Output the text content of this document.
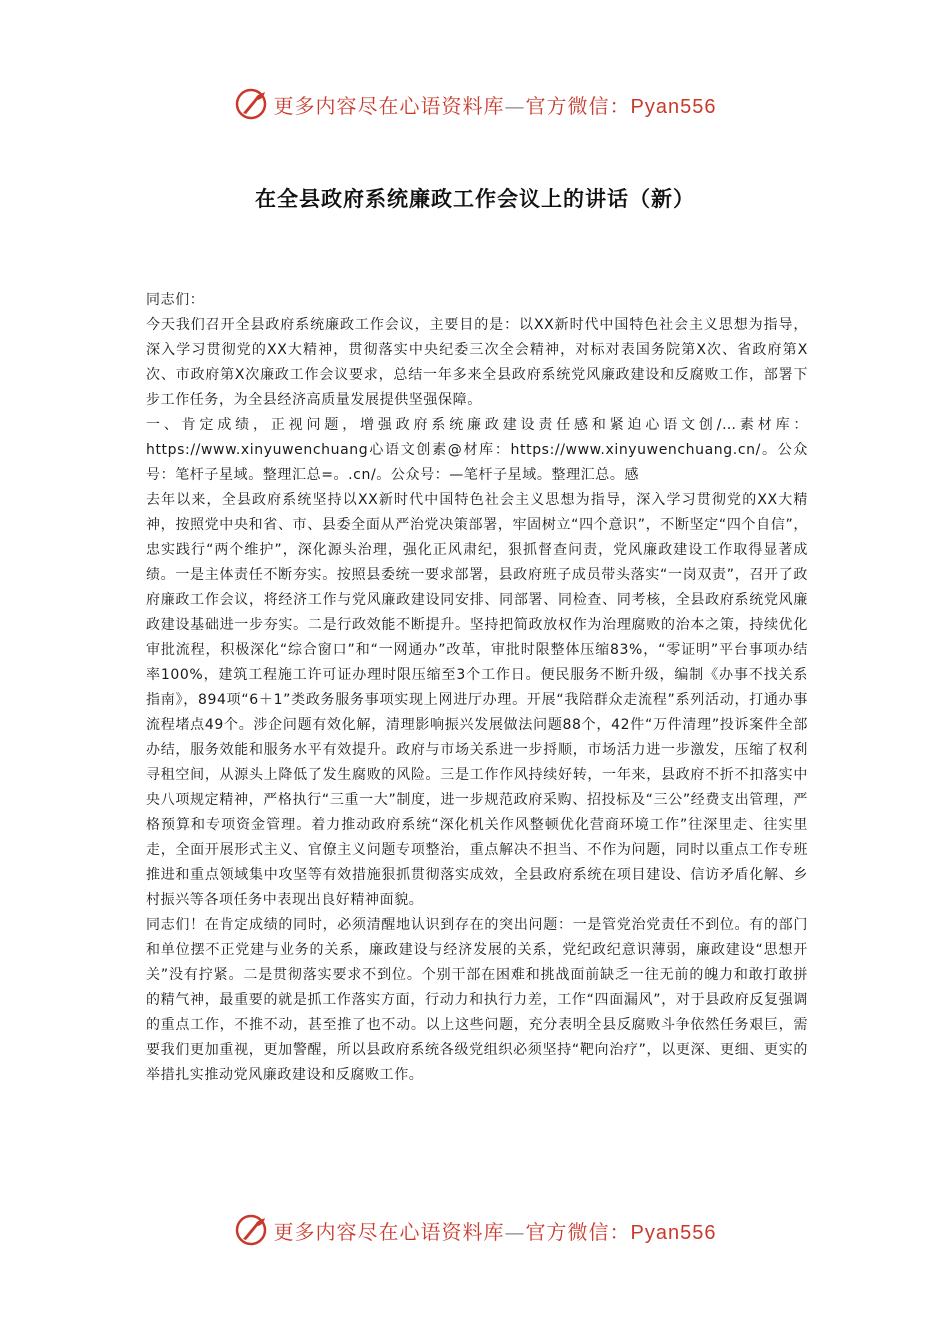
更多内容尽在心语资料库—官方微信：Pyan556
在全县政府系统廉政工作会议上的讲话（新）

同志们：

今天我们召开全县政府系统廉政工作会议，主要目的是：以XX新时代中国特色社会主义思想为指导，深入学习贯彻党的XX大精神，贯彻落实中央纪委三次全会精神，对标对表国务院第X次、省政府第X次、市政府第X次廉政工作会议要求，总结一年多来全县政府系统党风廉政建设和反腐败工作，部署下步工作任务，为全县经济高质量发展提供坚强保障。

一、肯定成绩，正视问题，增强政府系统廉政建设责任感和紧迫心语文创/…素材库：https://www.xinyuwenchuang心语文创素@材库：https://www.xinyuwenchuang.cn/。公众号：笔杆子星域。整理汇总=。.cn/。公众号：—笔杆子星域。整理汇总。感

去年以来，全县政府系统坚持以XX新时代中国特色社会主义思想为指导，深入学习贯彻党的XX大精神，按照党中央和省、市、县委全面从严治党决策部署，牢固树立“四个意识”，不断坚定“四个自信”，忠实践行“两个维护”，深化源头治理，强化正风肃纪，狠抓督查问责，党风廉政建设工作取得显著成绩。一是主体责任不断夯实。按照县委统一要求部署，县政府班子成员带头落实“一岗双责”，召开了政府廉政工作会议，将经济工作与党风廉政建设同安排、同部署、同检查、同考核，全县政府系统党风廉政建设基础进一步夯实。二是行政效能不断提升。坚持把简政放权作为治理腐败的治本之策，持续优化审批流程，积极深化“综合窗口”和“一网通办”改革，审批时限整体压缩83%，“零证明”平台事项办结率100%，建筑工程施工许可证办理时限压缩至3个工作日。便民服务不断升级，编制《办事不找关系指南》，894项“6＋1”类政务服务事项实现上网进厅办理。开展“我陪群众走流程”系列活动，打通办事流程堵点49个。涉企问题有效化解，清理影响振兴发展做法问题88个，42件“万件清理”投诉案件全部办结，服务效能和服务水平有效提升。政府与市场关系进一步捋顺，市场活力进一步激发，压缩了权利寻租空间，从源头上降低了发生腐败的风险。三是工作作风持续好转，一年来，县政府不折不扣落实中央八项规定精神，严格执行“三重一大”制度，进一步规范政府采购、招投标及“三公”经费支出管理，严格预算和专项资金管理。着力推动政府系统“深化机关作风整顿优化营商环境工作”往深里走、往实里走，全面开展形式主义、官僚主义问题专项整治，重点解决不担当、不作为问题，同时以重点工作专班推进和重点领域集中攻坚等有效措施狠抓贯彻落实成效，全县政府系统在项目建设、信访矛盾化解、乡村振兴等各项任务中表现出良好精神面貌。

同志们！在肯定成绩的同时，必须清醒地认识到存在的突出问题：一是管党治党责任不到位。有的部门和单位摆不正党建与业务的关系，廉政建设与经济发展的关系，党纪政纪意识薄弱，廉政建设“思想开关”没有拧紧。二是贯彻落实要求不到位。个别干部在困难和挑战面前缺乏一往无前的魄力和敢打敢拼的精气神，最重要的就是抓工作落实方面，行动力和执行力差，工作“四面漏风”，对于县政府反复强调的重点工作，不推不动，甚至推了也不动。以上这些问题，充分表明全县反腐败斗争依然任务艰巨，需要我们更加重视，更加警醒，所以县政府系统各级党组织必须坚持“靶向治疗”，以更深、更细、更实的举措扎实推动党风廉政建设和反腐败工作。

更多内容尽在心语资料库—官方微信：Pyan556
